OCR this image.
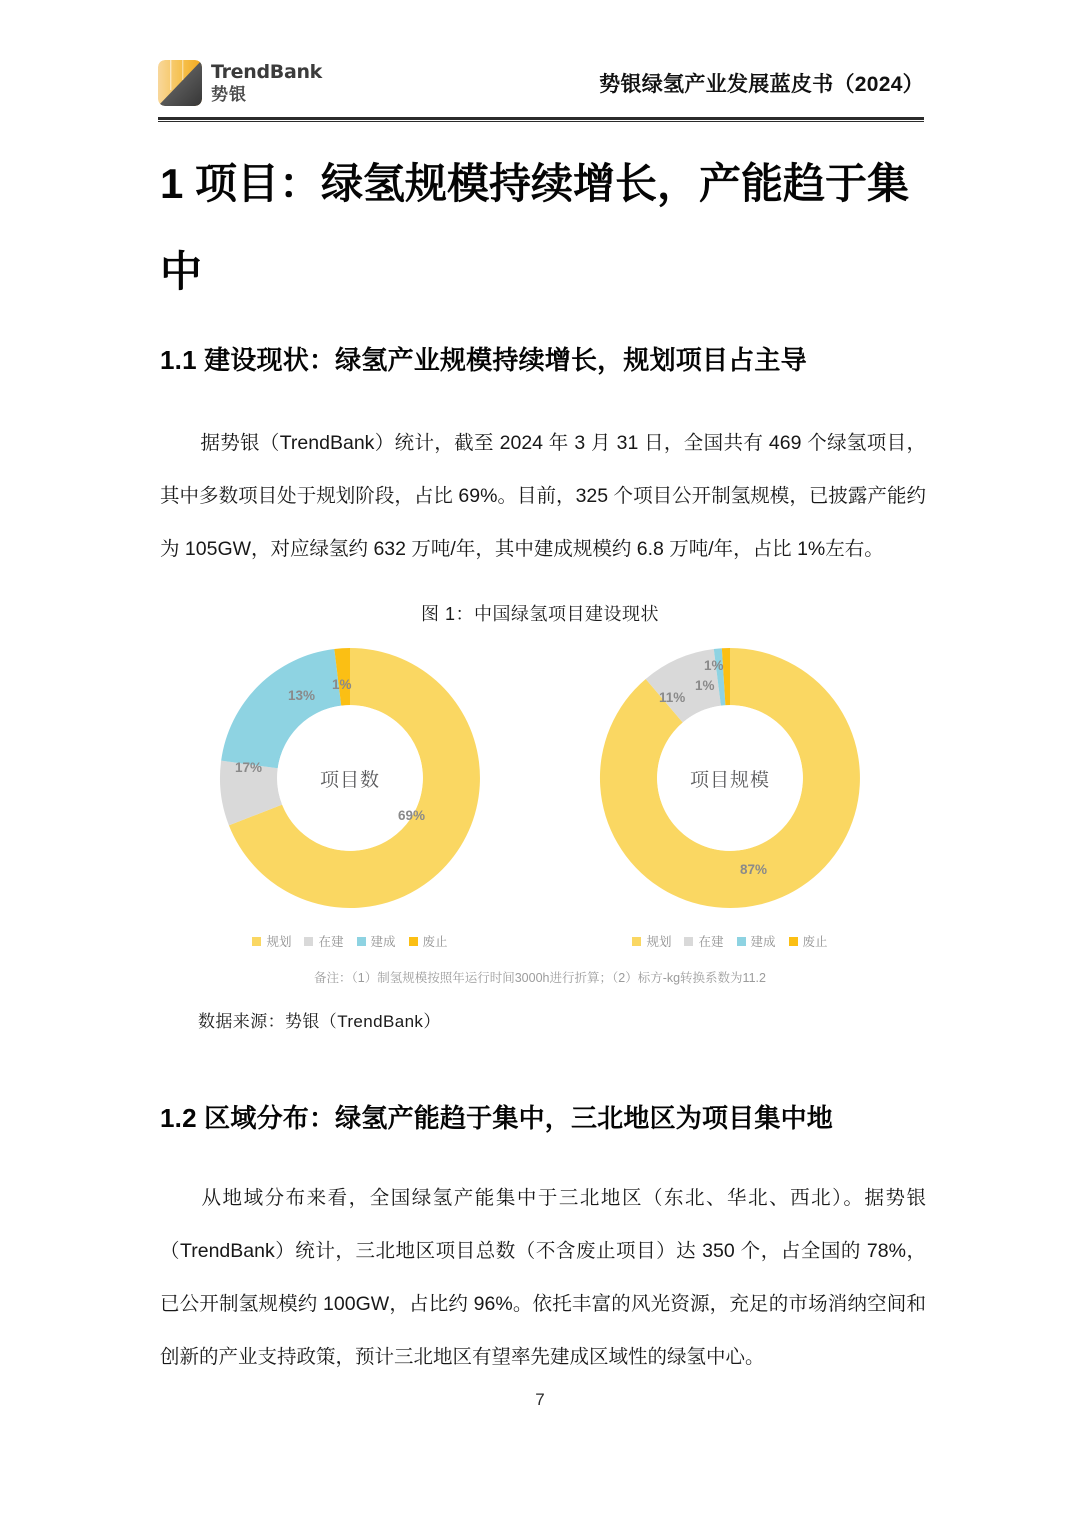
TrendBank
势银	势银绿氢产业发展蓝皮书（2024）
1 项目：绿氢规模持续增长，产能趋于集中
1.1 建设现状：绿氢产业规模持续增长，规划项目占主导
据势银（TrendBank）统计，截至 2024 年 3 月 31 日，全国共有 469 个绿氢项目，其中多数项目处于规划阶段，占比 69%。目前，325 个项目公开制氢规模，已披露产能约为 105GW，对应绿氢约 632 万吨/年，其中建成规模约 6.8 万吨/年，占比 1%左右。
图 1：中国绿氢项目建设现状
项目数
69%
17%
13%
1%
规划 在建 建成 废止
项目规模
87%
11%
1%
1%
规划 在建 建成 废止
备注：（1）制氢规模按照年运行时间3000h进行折算；（2）标方-kg转换系数为11.2
数据来源：势银（TrendBank）
1.2 区域分布：绿氢产能趋于集中，三北地区为项目集中地
从地域分布来看，全国绿氢产能集中于三北地区（东北、华北、西北）。据势银（TrendBank）统计，三北地区项目总数（不含废止项目）达 350 个，占全国的 78%，已公开制氢规模约 100GW，占比约 96%。依托丰富的风光资源，充足的市场消纳空间和创新的产业支持政策，预计三北地区有望率先建成区域性的绿氢中心。
7
